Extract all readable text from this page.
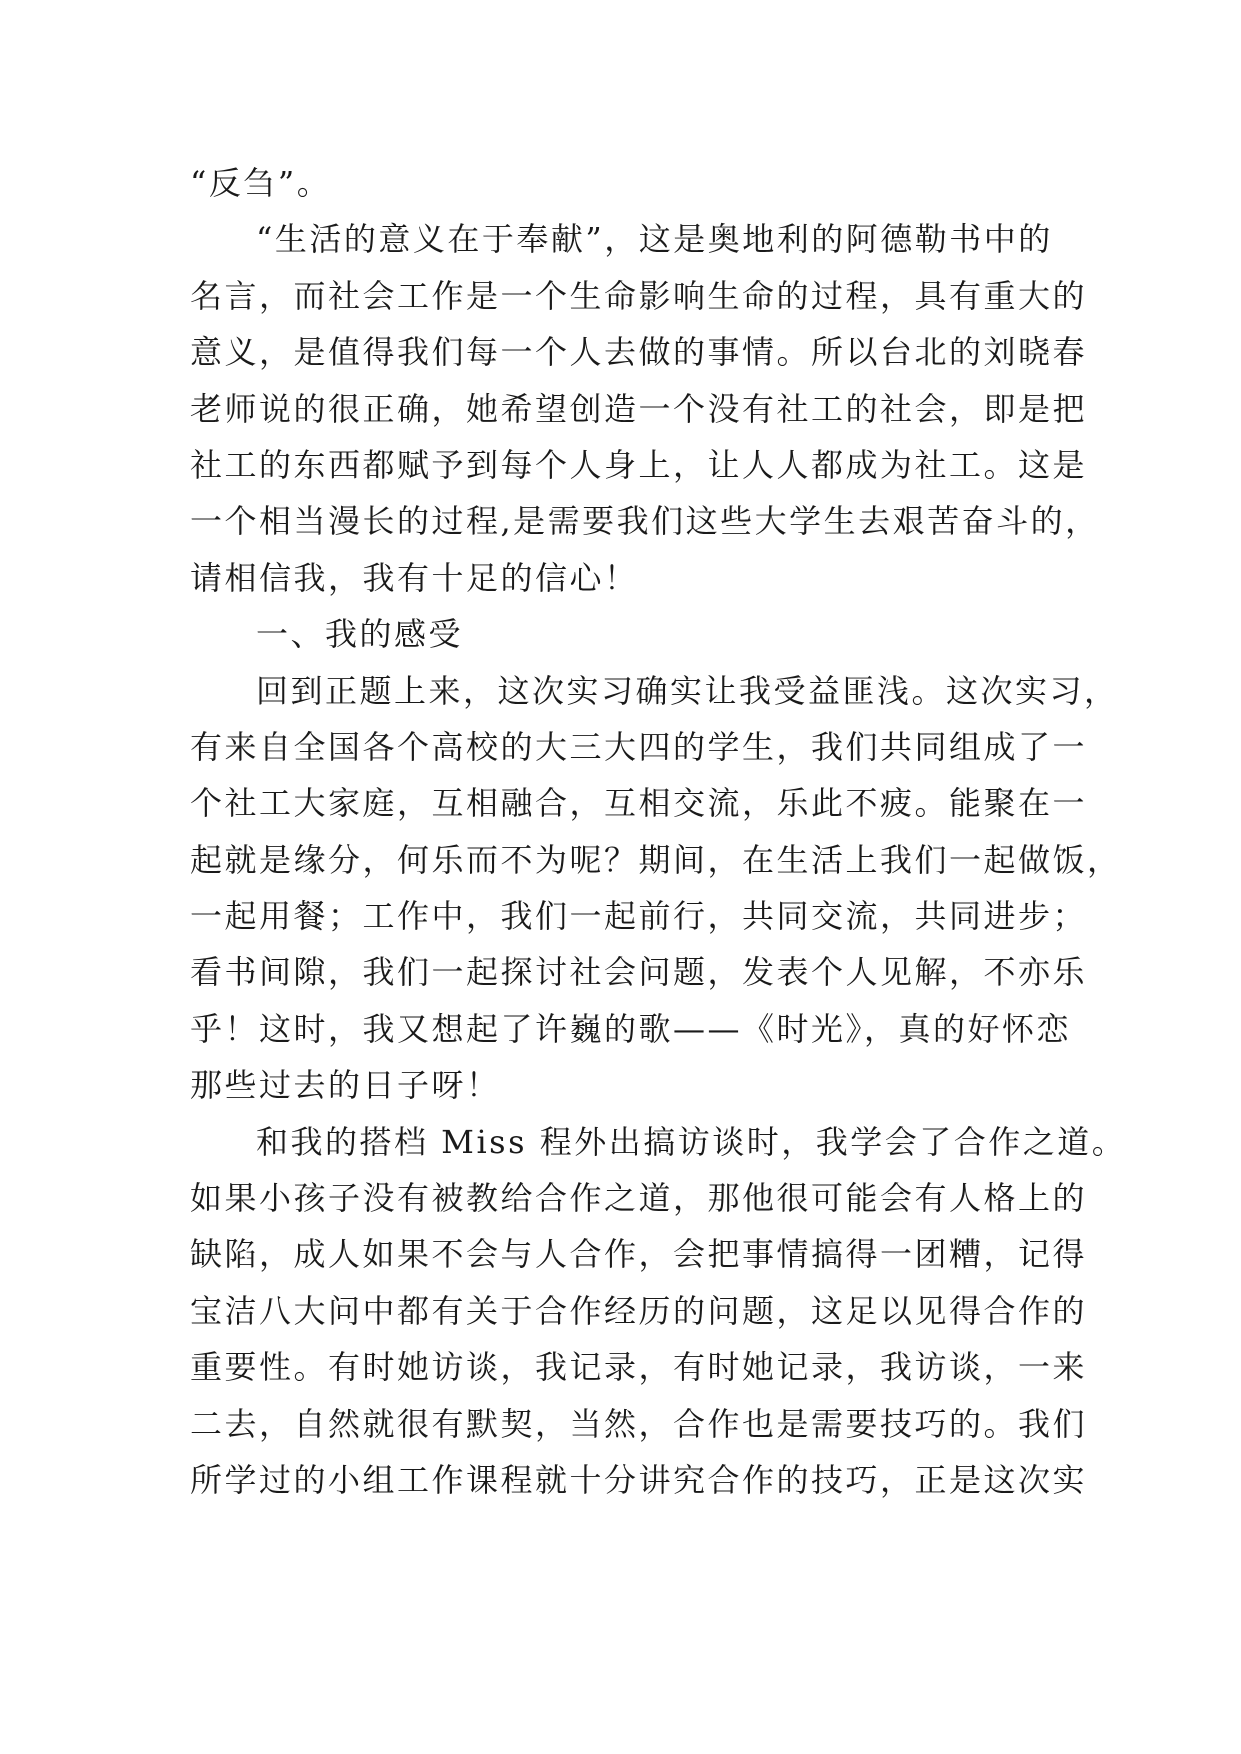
“反刍”。
“生活的意义在于奉献”，这是奥地利的阿德勒书中的
名言，而社会工作是一个生命影响生命的过程，具有重大的
意义，是值得我们每一个人去做的事情。所以台北的刘晓春
老师说的很正确，她希望创造一个没有社工的社会，即是把
社工的东西都赋予到每个人身上，让人人都成为社工。这是
一个相当漫长的过程,是需要我们这些大学生去艰苦奋斗的，
请相信我，我有十足的信心！
一、我的感受
回到正题上来，这次实习确实让我受益匪浅。这次实习，
有来自全国各个高校的大三大四的学生，我们共同组成了一
个社工大家庭，互相融合，互相交流，乐此不疲。能聚在一
起就是缘分，何乐而不为呢？期间，在生活上我们一起做饭，
一起用餐；工作中，我们一起前行，共同交流，共同进步；
看书间隙，我们一起探讨社会问题，发表个人见解，不亦乐
乎！这时，我又想起了许巍的歌——《时光》，真的好怀恋
那些过去的日子呀！
和我的搭档 Miss 程外出搞访谈时，我学会了合作之道。
如果小孩子没有被教给合作之道，那他很可能会有人格上的
缺陷，成人如果不会与人合作，会把事情搞得一团糟，记得
宝洁八大问中都有关于合作经历的问题，这足以见得合作的
重要性。有时她访谈，我记录，有时她记录，我访谈，一来
二去，自然就很有默契，当然，合作也是需要技巧的。我们
所学过的小组工作课程就十分讲究合作的技巧，正是这次实
